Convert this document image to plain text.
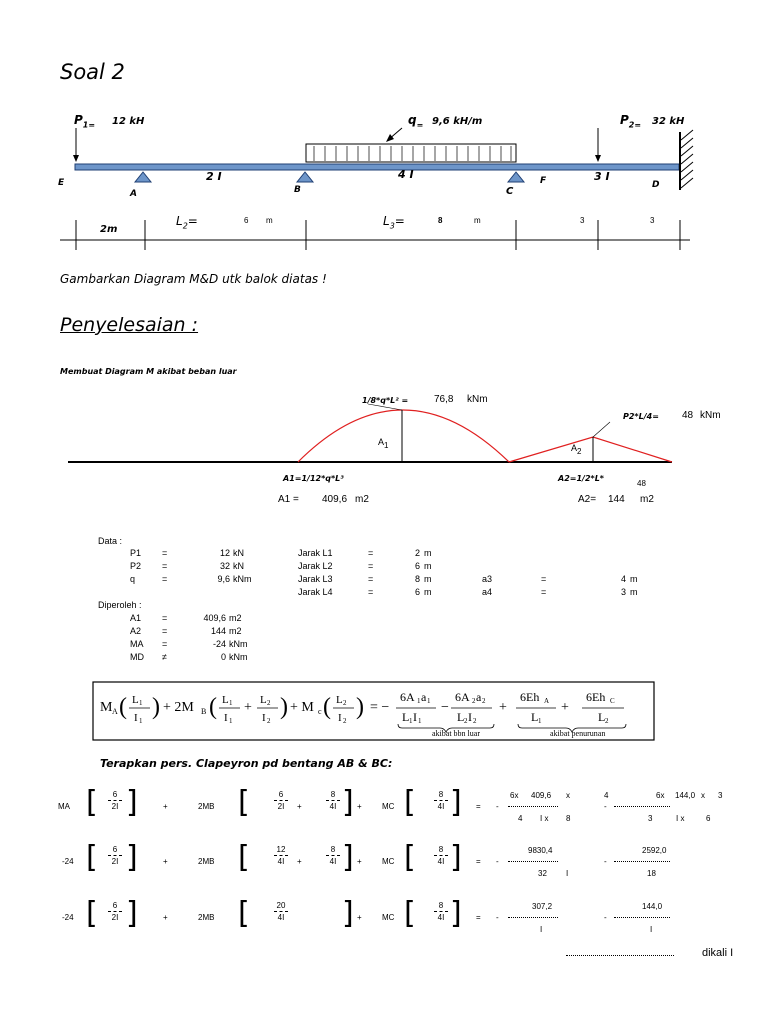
Soal 2
$P_{1=}$ 12 kH	$q_=$ 9,6 kH/m	$P_{2=}$ 32 kH
E
A	B	C
F	D
2 I	4 I	3 I
2m
$L_2=$	6 m	$L_3=$	8	m	3	3
Gambarkan Diagram M&D utk balok diatas !
Penyelesaian :
Membuat Diagram M akibat beban luar
1/8*q*L² =	76,8 kNm
P2*L/4= 48 kNm
$A_1$	$A_2$
A1=1/12*q*L³
A1 = 409,6 m2
A2=1/2*L*
48
A2= 144 m2
Data :
P1 =	12 kN	Jarak L1	=	2 m
P2 =	32 kN	Jarak L2	=	6 m
q	=	9,6 kNm	Jarak L3	=	8 m	a3	=	4 m
Jarak L4	=	6 m	a4	=	3 m
Diperoleh :
A1 =	409,6 m2
A2 =	144 m2
MA =	-24 kNm
MD ≠	0 kNm
M A ( L 1
I 1
) + 2M B ( L 1
I 1
+ L 2
I 2
) + M c ( L 2
I 2
) = −
6A 1 a 1
L 1 I 1
−
6A 2 a 2
L 2 I 2
+
6Eh A
L 1
+
6Eh C
L 2
akibat bbn luar	akibat penurunan
Terapkan pers. Clapeyron pd bentang AB & BC:
MA [	6
2I ]	+	2MB [	6
2I	+
8
4I ] +	MC [	8
4I ] = -
6x 409,6 x	4
4 I x 8
-
6x 144,0 x 3
3	I x	6
-24 [	6
2I ]	+	2MB [	12
4I	+
8
4I ] +	MC [	8
4I ] = -
9830,4
32 I
-
2592,0
18
-24 [	6
2I ]	+	2MB [	20
4I ] +	MC [	8
4I ] = -
307,2
I
-
144,0
I
dikali I
